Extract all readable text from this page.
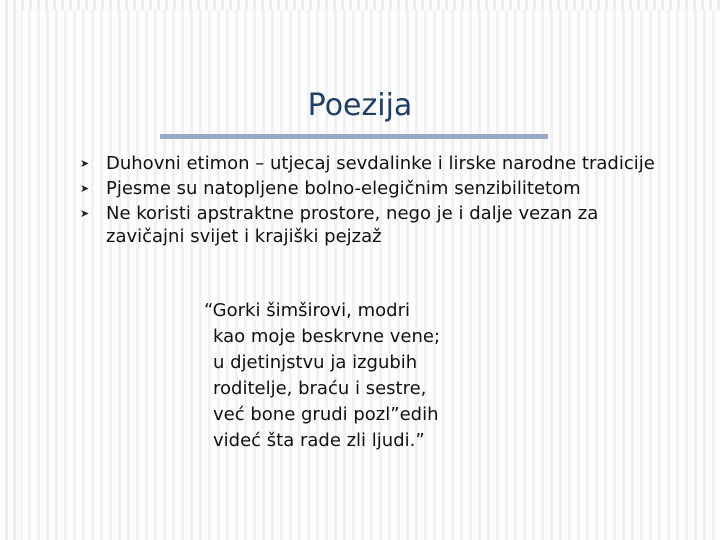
Poezija
➤ Duhovni etimon – utjecaj sevdalinke i lirske narodne tradicije
➤ Pjesme su natopljene bolno-elegičnim senzibilitetom
➤ Ne koristi apstraktne prostore, nego je i dalje vezan za zavičajni svijet i krajiški pejzaž
“Gorki šimširovi, modri
kao moje beskrvne vene;
u djetinjstvu ja izgubih
roditelje, braću i sestre,
već bone grudi pozl”edih
videć šta rade zli ljudi.”
